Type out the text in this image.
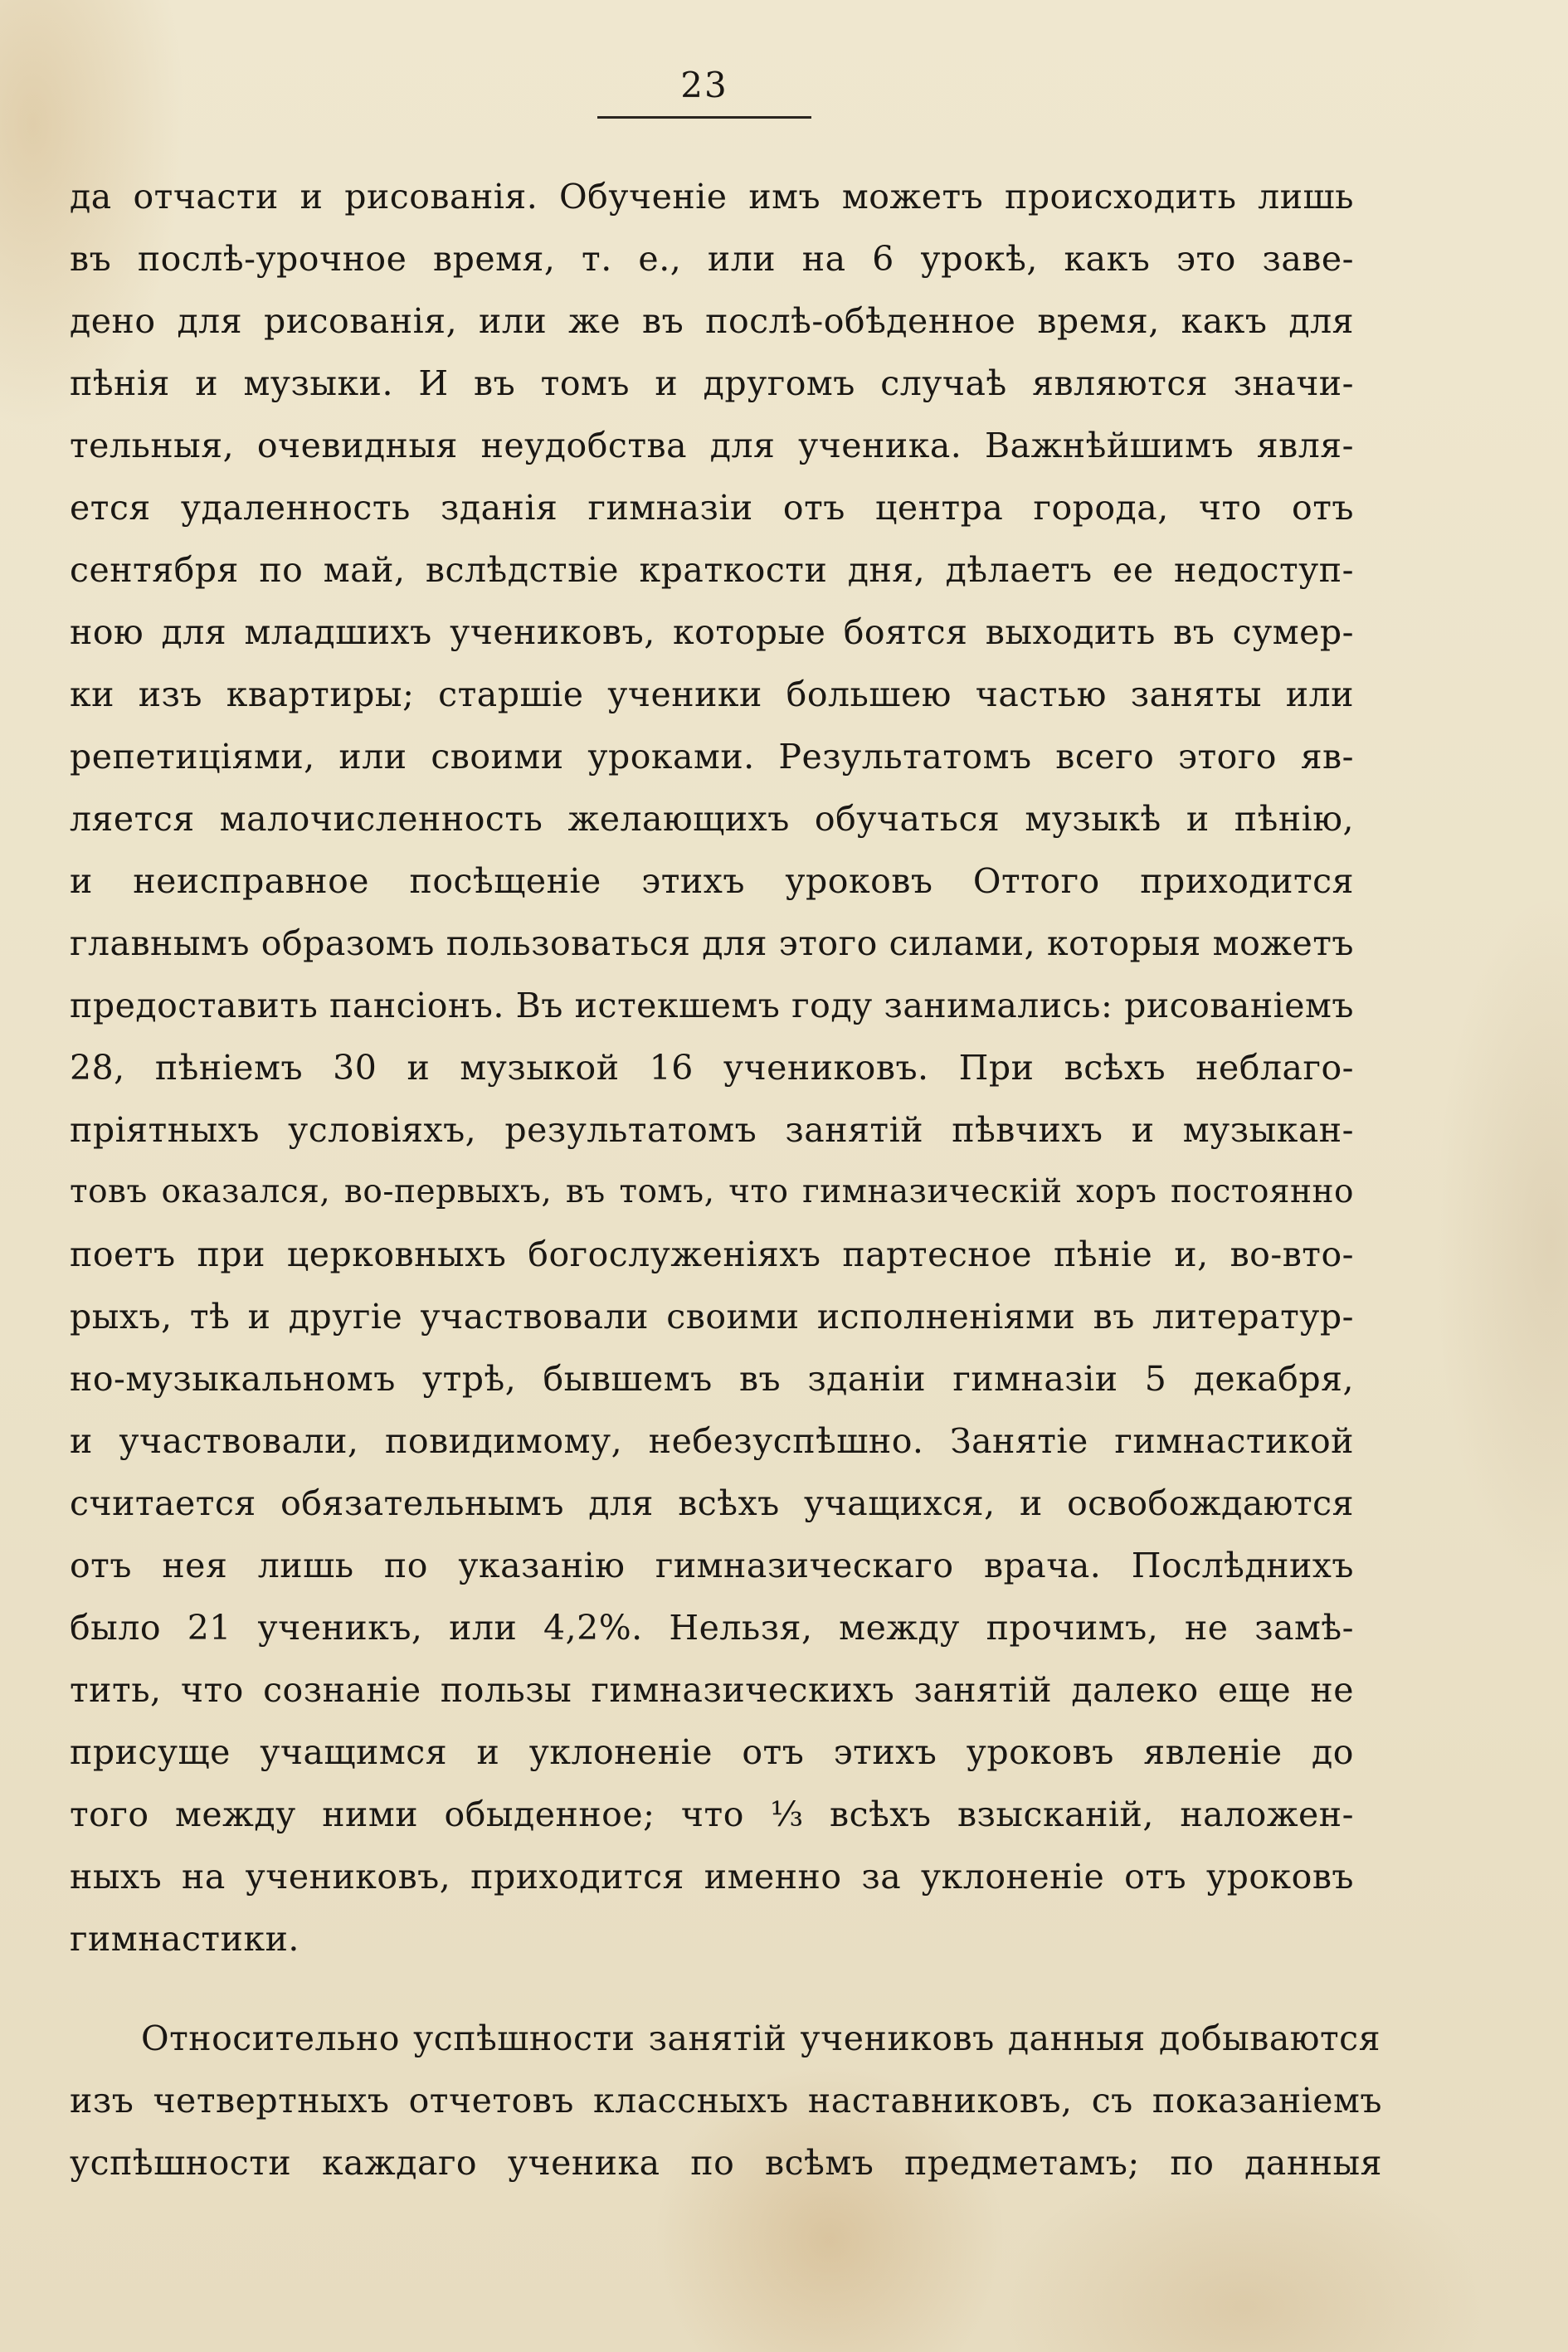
23
да отчасти и рисованія. Обученіе имъ можетъ происходить лишь
въ послѣ-урочное время, т. е., или на 6 урокѣ, какъ это заве-
дено для рисованія, или же въ послѣ-обѣденное время, какъ для
пѣнія и музыки. И въ томъ и другомъ случаѣ являются значи-
тельныя, очевидныя неудобства для ученика. Важнѣйшимъ явля-
ется удаленность зданія гимназіи отъ центра города, что отъ
сентября по май, вслѣдствіе краткости дня, дѣлаетъ ее недоступ-
ною для младшихъ учениковъ, которые боятся выходить въ сумер-
ки изъ квартиры; старшіе ученики большею частью заняты или
репетиціями, или своими уроками. Результатомъ всего этого яв-
ляется малочисленность желающихъ обучаться музыкѣ и пѣнію,
и неисправное посѣщеніе этихъ уроковъ Оттого приходится
главнымъ образомъ пользоваться для этого силами, которыя можетъ
предоставить пансіонъ. Въ истекшемъ году занимались: рисованіемъ
28, пѣніемъ 30 и музыкой 16 учениковъ. При всѣхъ неблаго-
пріятныхъ условіяхъ, результатомъ занятій пѣвчихъ и музыкан-
товъ оказался, во-первыхъ, въ томъ, что гимназическій хоръ постоянно
поетъ при церковныхъ богослуженіяхъ партесное пѣніе и, во-вто-
рыхъ, тѣ и другіе участвовали своими исполненіями въ литератур-
но-музыкальномъ утрѣ, бывшемъ въ зданіи гимназіи 5 декабря,
и участвовали, повидимому, небезуспѣшно. Занятіе гимнастикой
считается обязательнымъ для всѣхъ учащихся, и освобождаются
отъ нея лишь по указанію гимназическаго врача. Послѣднихъ
было 21 ученикъ, или 4,2%. Нельзя, между прочимъ, не замѣ-
тить, что сознаніе пользы гимназическихъ занятій далеко еще не
присуще учащимся и уклоненіе отъ этихъ уроковъ явленіе до
того между ними обыденное; что ⅓ всѣхъ взысканій, наложен-
ныхъ на учениковъ, приходится именно за уклоненіе отъ уроковъ
гимнастики.
Относительно успѣшности занятій учениковъ данныя добываются
изъ четвертныхъ отчетовъ классныхъ наставниковъ, съ показаніемъ
успѣшности каждаго ученика по всѣмъ предметамъ; по данныя
